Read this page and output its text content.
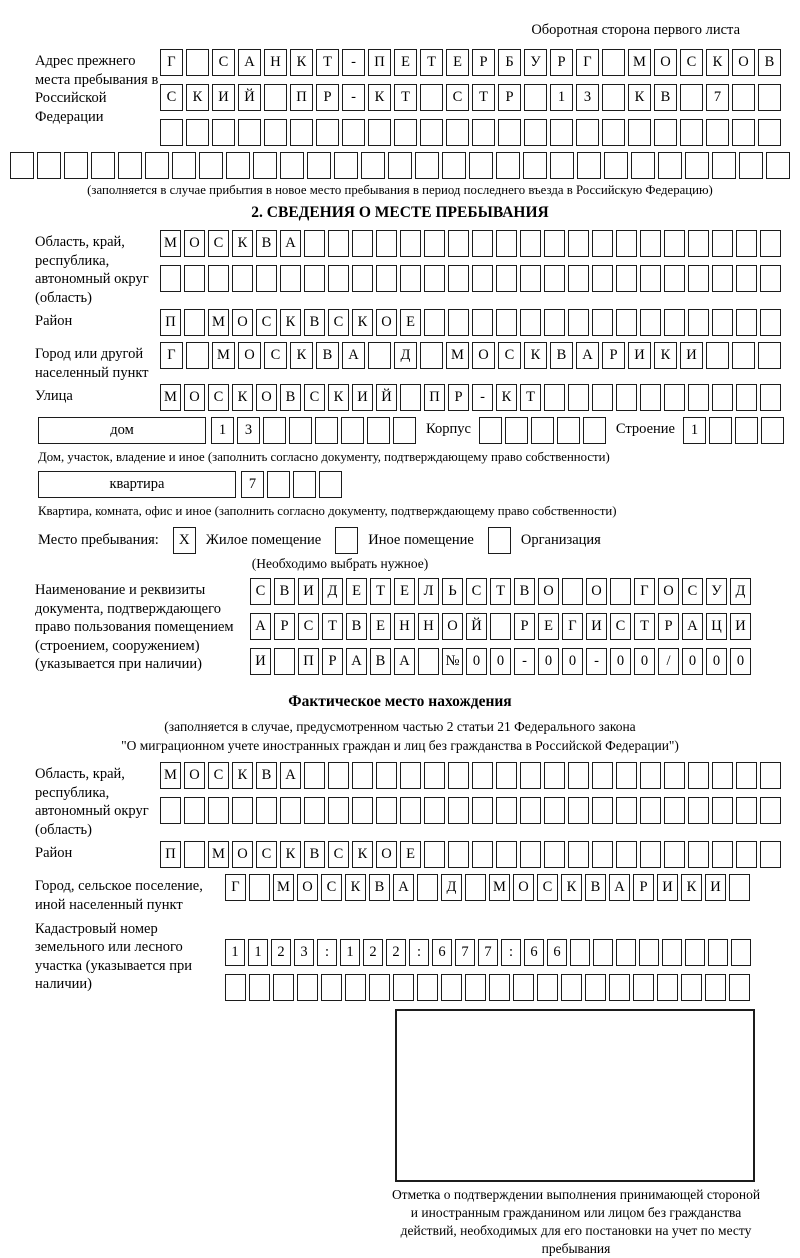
Оборотная сторона первого листа
Адрес прежнего места пребывания в Российской Федерации
Г	С	А	Н	К	Т	-	П	Е	Т	Е	Р	Б	У	Р	Г	М О	С	К	О	В
С	К	И	Й	П	Р	-	К	Т	С	Т	Р	1	3	К	В	7
(заполняется в случае прибытия в новое место пребывания в период последнего въезда в Российскую Федерацию)
2. СВЕДЕНИЯ О МЕСТЕ ПРЕБЫВАНИЯ
Область, край, республика, автономный округ (область)
М О С К В А
Район	П	М О С К В С К О Е
Город или другой населенный пункт
Г	М О	С	К	В	А	Д	М О	С	К	В	А	Р	И	К	И
Улица	М О С К О В С К И Й	П	Р	-	К	Т
дом	1	3	Корпус	Строение	1
Дом, участок, владение и иное (заполнить согласно документу, подтверждающему право собственности)
квартира	7
Квартира, комната, офис и иное (заполнить согласно документу, подтверждающему право собственности)
Место пребывания:	X	Жилое помещение	Иное помещение	Организация
(Необходимо выбрать нужное)
Наименование и реквизиты документа, подтверждающего право пользования помещением (строением, сооружением) (указывается при наличии)
С В И Д	Е	Т	Е	Л	Ь	С	Т	В О	О	Г	О С У Д
А	Р	С	Т	В	Е Н Н О Й	Р	Е	Г	И С	Т	Р	А Ц И
И	П	Р	А В А	№ 0	0	-	0	0	-	0	0	/	0	0	0
Фактическое место нахождения
(заполняется в случае, предусмотренном частью 2 статьи 21 Федерального закона
"О миграционном учете иностранных граждан и лиц без гражданства в Российской Федерации")
Область, край, республика, автономный округ (область)
М О С К В А
Район	П	М О С К В С К О Е
Город, сельское поселение, иной населенный пункт
Г	М О С К В А	Д	М О С К В А	Р	И К И
Кадастровый номер земельного или лесного участка (указывается при наличии)
1	1	2	3	:	1	2	2	:	6	7	7	:	6	6
Отметка о подтверждении выполнения принимающей стороной и иностранным гражданином или лицом без гражданства действий, необходимых для его постановки на учет по месту пребывания
